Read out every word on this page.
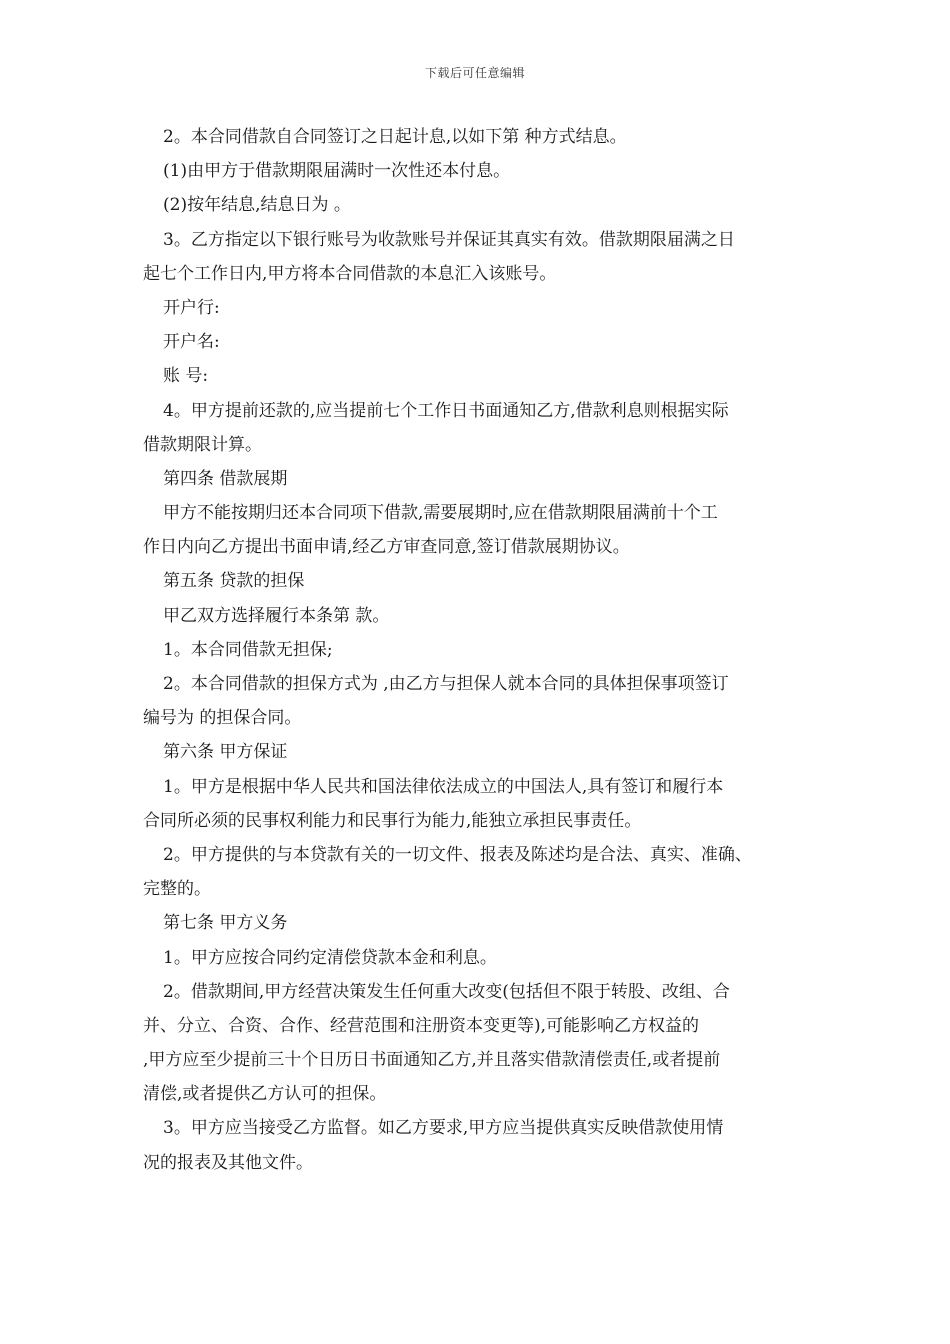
下载后可任意编辑
2。本合同借款自合同签订之日起计息,以如下第 种方式结息。
(1)由甲方于借款期限届满时一次性还本付息。
(2)按年结息,结息日为 。
3。乙方指定以下银行账号为收款账号并保证其真实有效。借款期限届满之日
起七个工作日内,甲方将本合同借款的本息汇入该账号。
开户行:
开户名:
账 号:
4。甲方提前还款的,应当提前七个工作日书面通知乙方,借款利息则根据实际
借款期限计算。
第四条 借款展期
甲方不能按期归还本合同项下借款,需要展期时,应在借款期限届满前十个工
作日内向乙方提出书面申请,经乙方审查同意,签订借款展期协议。
第五条 贷款的担保
甲乙双方选择履行本条第 款。
1。本合同借款无担保;
2。本合同借款的担保方式为 ,由乙方与担保人就本合同的具体担保事项签订
编号为 的担保合同。
第六条 甲方保证
1。甲方是根据中华人民共和国法律依法成立的中国法人,具有签订和履行本
合同所必须的民事权利能力和民事行为能力,能独立承担民事责任。
2。甲方提供的与本贷款有关的一切文件、报表及陈述均是合法、真实、准确、
完整的。
第七条 甲方义务
1。甲方应按合同约定清偿贷款本金和利息。
2。借款期间,甲方经营决策发生任何重大改变(包括但不限于转股、改组、合
并、分立、合资、合作、经营范围和注册资本变更等),可能影响乙方权益的
,甲方应至少提前三十个日历日书面通知乙方,并且落实借款清偿责任,或者提前
清偿,或者提供乙方认可的担保。
3。甲方应当接受乙方监督。如乙方要求,甲方应当提供真实反映借款使用情
况的报表及其他文件。
